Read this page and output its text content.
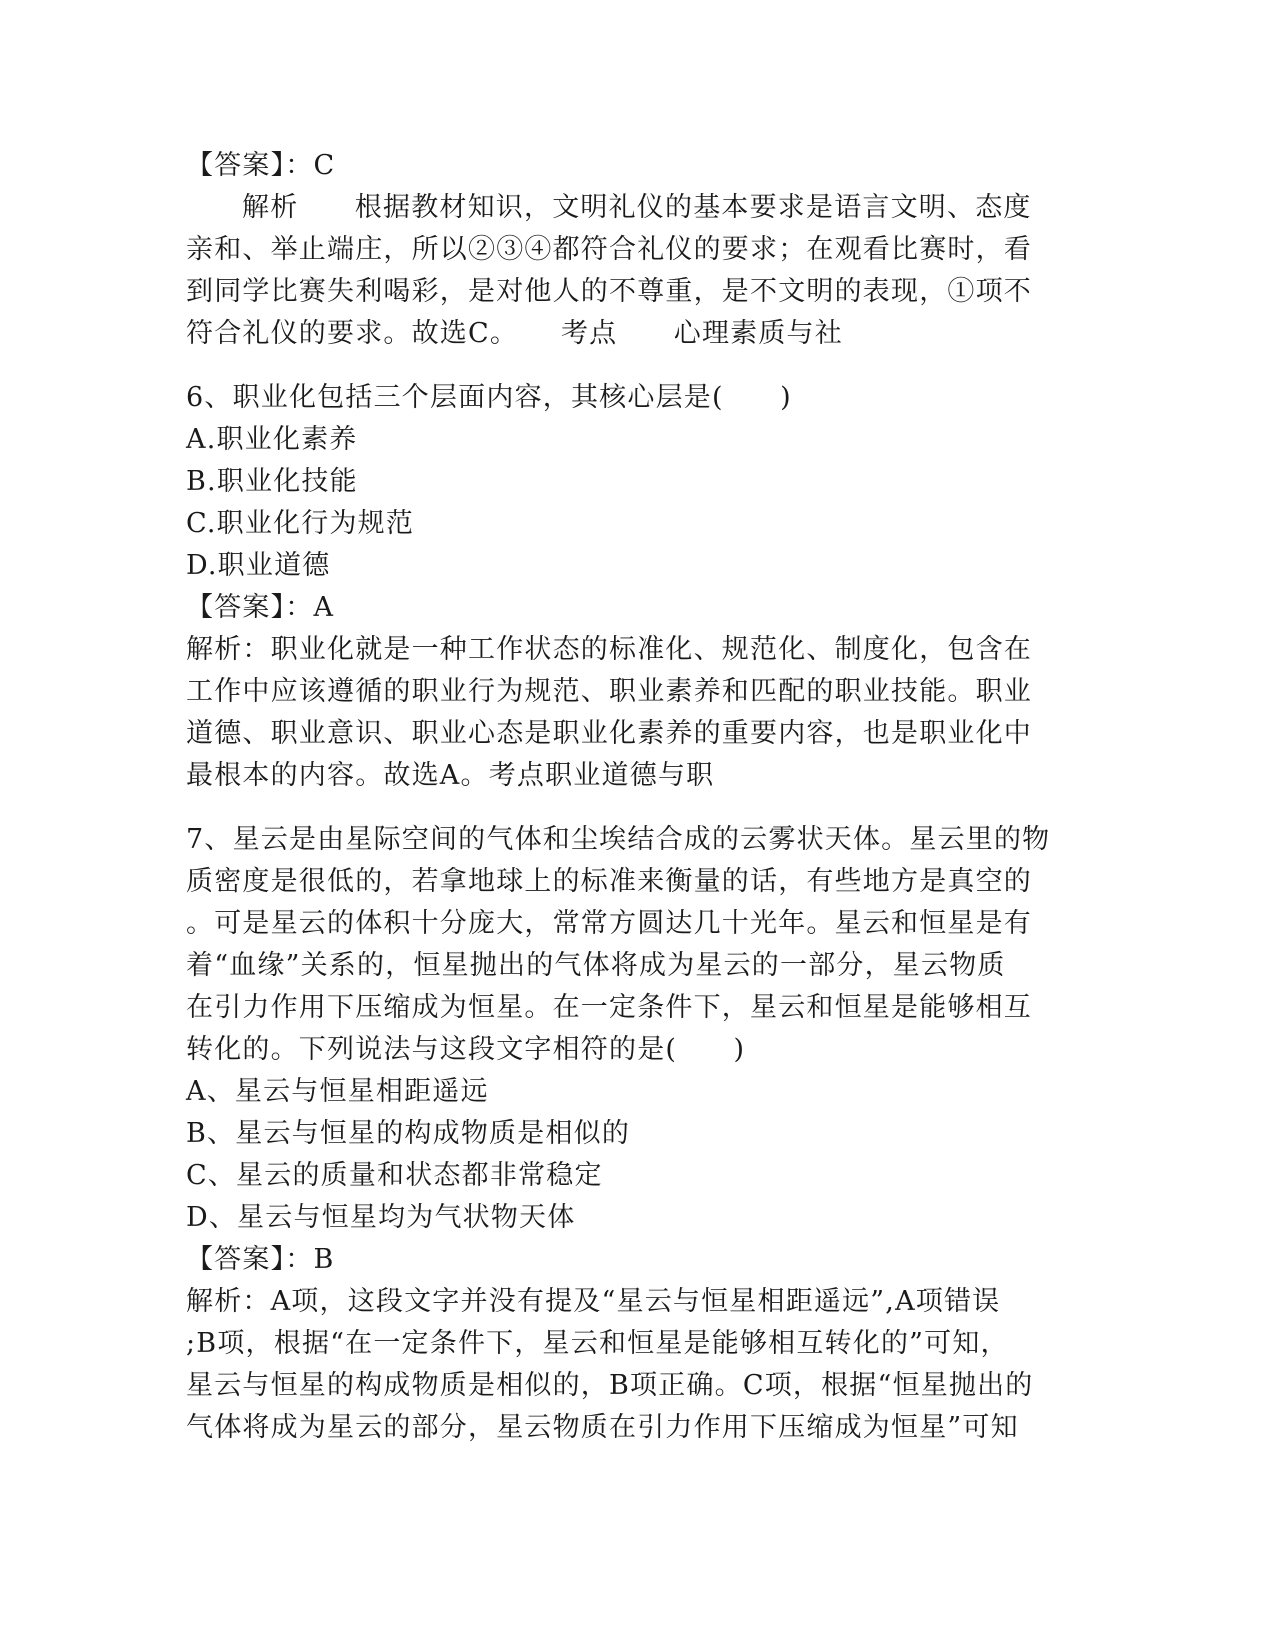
【答案】：C
解析　　根据教材知识，文明礼仪的基本要求是语言文明、态度
亲和、举止端庄，所以②③④都符合礼仪的要求；在观看比赛时，看
到同学比赛失利喝彩，是对他人的不尊重，是不文明的表现，①项不
符合礼仪的要求。故选C。　　考点　　心理素质与社
6、职业化包括三个层面内容，其核心层是(　　)
A.职业化素养
B.职业化技能
C.职业化行为规范
D.职业道德
【答案】：A
解析：职业化就是一种工作状态的标准化、规范化、制度化，包含在
工作中应该遵循的职业行为规范、职业素养和匹配的职业技能。职业
道德、职业意识、职业心态是职业化素养的重要内容，也是职业化中
最根本的内容。故选A。考点职业道德与职
7、星云是由星际空间的气体和尘埃结合成的云雾状天体。星云里的物
质密度是很低的，若拿地球上的标准来衡量的话，有些地方是真空的
。可是星云的体积十分庞大，常常方圆达几十光年。星云和恒星是有
着“血缘”关系的，恒星抛出的气体将成为星云的一部分，星云物质
在引力作用下压缩成为恒星。在一定条件下，星云和恒星是能够相互
转化的。下列说法与这段文字相符的是(　　)
A、星云与恒星相距遥远
B、星云与恒星的构成物质是相似的
C、星云的质量和状态都非常稳定
D、星云与恒星均为气状物天体
【答案】：B
解析：A项，这段文字并没有提及“星云与恒星相距遥远”,A项错误
;B项，根据“在一定条件下，星云和恒星是能够相互转化的”可知，
星云与恒星的构成物质是相似的，B项正确。C项，根据“恒星抛出的
气体将成为星云的部分，星云物质在引力作用下压缩成为恒星”可知
